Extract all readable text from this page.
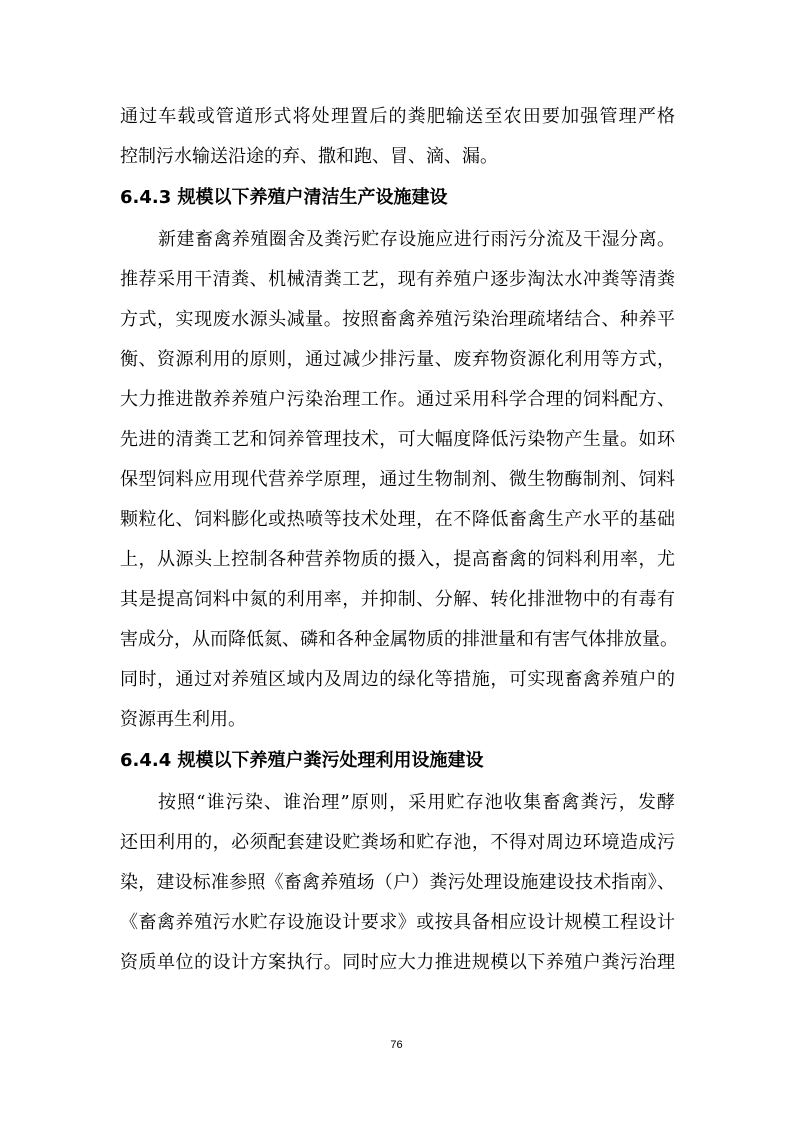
通过车载或管道形式将处理置后的粪肥输送至农田要加强管理严格
控制污水输送沿途的弃、撒和跑、冒、滴、漏。
6.4.3 规模以下养殖户清洁生产设施建设
新建畜禽养殖圈舍及粪污贮存设施应进行雨污分流及干湿分离。
推荐采用干清粪、机械清粪工艺，现有养殖户逐步淘汰水冲粪等清粪
方式，实现废水源头减量。按照畜禽养殖污染治理疏堵结合、种养平
衡、资源利用的原则，通过减少排污量、废弃物资源化利用等方式，
大力推进散养养殖户污染治理工作。通过采用科学合理的饲料配方、
先进的清粪工艺和饲养管理技术，可大幅度降低污染物产生量。如环
保型饲料应用现代营养学原理，通过生物制剂、微生物酶制剂、饲料
颗粒化、饲料膨化或热喷等技术处理，在不降低畜禽生产水平的基础
上，从源头上控制各种营养物质的摄入，提高畜禽的饲料利用率，尤
其是提高饲料中氮的利用率，并抑制、分解、转化排泄物中的有毒有
害成分，从而降低氮、磷和各种金属物质的排泄量和有害气体排放量。
同时，通过对养殖区域内及周边的绿化等措施，可实现畜禽养殖户的
资源再生利用。
6.4.4 规模以下养殖户粪污处理利用设施建设
按照“谁污染、谁治理”原则，采用贮存池收集畜禽粪污，发酵
还田利用的，必须配套建设贮粪场和贮存池，不得对周边环境造成污
染，建设标准参照《畜禽养殖场（户）粪污处理设施建设技术指南》、
《畜禽养殖污水贮存设施设计要求》或按具备相应设计规模工程设计
资质单位的设计方案执行。同时应大力推进规模以下养殖户粪污治理
76
